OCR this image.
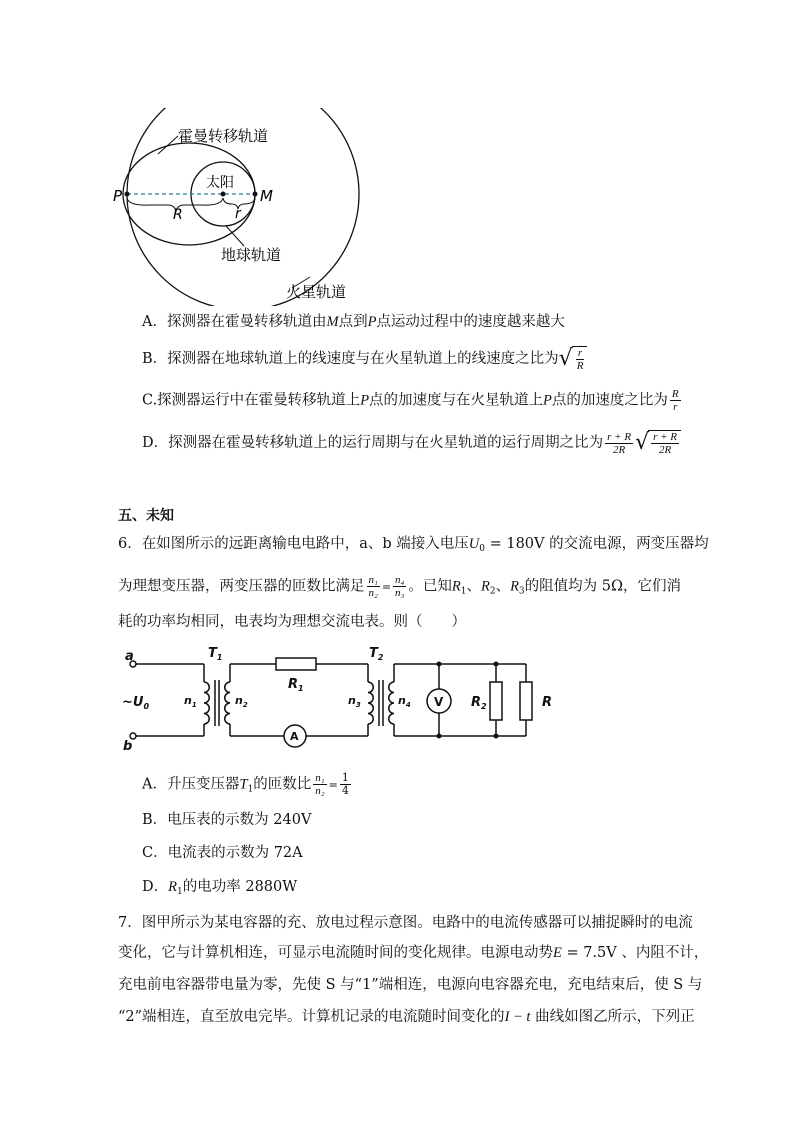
霍曼转移轨道
太阳
P	M
R	r
地球轨道
火星轨道
A．探测器在霍曼转移轨道由M点到P点运动过程中的速度越来越大
B．探测器在地球轨道上的线速度与在火星轨道上的线速度之比为 √ $\frac{r}{R}$
C.探测器运行中在霍曼转移轨道上P点的加速度与在火星轨道上P点的加速度之比为 $\frac{R}{r}$
D．探测器在霍曼转移轨道上的运行周期与在火星轨道的运行周期之比为 $\frac{r + R}{2R}$ √ $\frac{r + R}{2R}$
五、未知
6．在如图所示的远距离输电电路中，a、b 端接入电压$U_0 = 180V$ 的交流电源，两变压器均
为理想变压器，两变压器的匝数比满足 $\frac{\text{n₁}}{\text{n₂}} = \frac{\text{n₄}}{\text{n₃}}$ 。已知$R_1$、$R_2$、$R_3$的阻值均为 5Ω，它们消
耗的功率均相同，电表均为理想交流电表。则（　　）
a
b
$T_1$	$T_2$
$\sim U_0$	$n_1$	$n_2$	$n_3$	$n_4$
$R_1$
$R_2$	R
V
A
A．升压变压器$T_1$的匝数比 $\frac{\text{n₁}}{\text{n₂}} = \frac{1}{4}$
B．电压表的示数为 240V
C．电流表的示数为 72A
D．$R_1$的电功率 2880W
7．图甲所示为某电容器的充、放电过程示意图。电路中的电流传感器可以捕捉瞬时的电流
变化，它与计算机相连，可显示电流随时间的变化规律。电源电动势E = 7.5V 、内阻不计，
充电前电容器带电量为零，先使 S 与“1”端相连，电源向电容器充电，充电结束后，使 S 与
“2”端相连，直至放电完毕。计算机记录的电流随时间变化的I − t 曲线如图乙所示，下列正
